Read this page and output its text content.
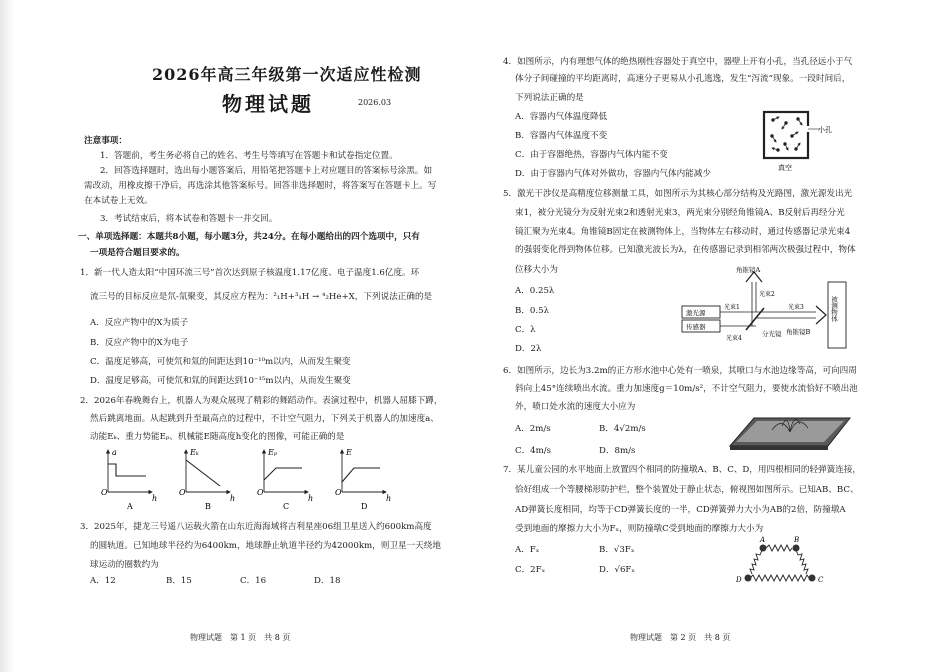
2026年高三年级第一次适应性检测
物理试题	2026.03
注意事项：
1．答题前，考生务必将自己的姓名、考生号等填写在答题卡和试卷指定位置。
2．回答选择题时，选出每小题答案后，用铅笔把答题卡上对应题目的答案标号涂黑。如
需改动，用橡皮擦干净后，再选涂其他答案标号。回答非选择题时，将答案写在答题卡上。写
在本试卷上无效。
3．考试结束后，将本试卷和答题卡一并交回。
一、单项选择题：本题共8小题，每小题3分，共24分。在每小题给出的四个选项中，只有
一项是符合题目要求的。
1．新一代人造太阳“中国环流三号”首次达到原子核温度1.17亿度、电子温度1.6亿度。环
流三号的目标反应是氘-氚聚变，其反应方程为：²₁H+³₁H → ⁴₂He+X，下列说法正确的是
A．反应产物中的X为质子
B．反应产物中的X为电子
C．温度足够高，可使氘和氚的间距达到10⁻¹⁰m以内，从而发生聚变
D．温度足够高，可使氘和氚的间距达到10⁻¹⁵m以内，从而发生聚变
2．2026年春晚舞台上，机器人为观众展现了精彩的舞蹈动作。表演过程中，机器人屈膝下蹲，
然后跳离地面。从起跳到升至最高点的过程中，不计空气阻力，下列关于机器人的加速度a、
动能Eₖ、重力势能Eₚ、机械能E随高度h变化的图像，可能正确的是
O
a
h
A
O
Eₖ
h
B
O
Eₚ
h
C
O
E
h
D
3．2025年，捷龙三号遥八运载火箭在山东近海海域将吉利星座06组卫星送入约600km高度
的圆轨道。已知地球半径约为6400km，地球静止轨道半径约为42000km，则卫星一天绕地
球运动的圈数约为
A．12	B．15	C．16	D．18
物理试题　第 1 页　共 8 页
4．如图所示，内有理想气体的绝热刚性容器处于真空中，器壁上开有小孔，当孔径远小于气
体分子间碰撞的平均距离时，高速分子更易从小孔逃逸，发生“泻流”现象。一段时间后，
下列说法正确的是
A．容器内气体温度降低
B．容器内气体温度不变
C．由于容器绝热，容器内气体内能不变
D．由于容器内气体对外做功，容器内气体内能减少
小孔
真空
5．激光干涉仪是高精度位移测量工具，如图所示为其核心部分结构及光路图，激光源发出光
束1，被分光镜分为反射光束2和透射光束3，两光束分别经角锥镜A、B反射后再经分光
镜汇聚为光束4。角锥镜B固定在被测物体上，当物体左右移动时，通过传感器记录光束4
的强弱变化得到物体位移。已知激光波长为λ，在传感器记录到相邻两次极强过程中，物体
位移大小为
A．0.25λ
B．0.5λ
C．λ
D．2λ
角锥镜A
激光源
传感器
分光镜
光束1
光束2
光束3
光束4
角锥镜B
被测物体
6．如图所示，边长为3.2m的正方形水池中心处有一喷泉，其喷口与水池边缘等高，可向四周
斜向上45°连续喷出水流。重力加速度g＝10m/s²，不计空气阻力，要使水流恰好不喷出池
外，喷口处水流的速度大小应为
A．2m/s	B．4√2m/s
C．4m/s	D．8m/s
7．某儿童公园的水平地面上放置四个相同的防撞墩A、B、C、D，用四根相同的轻弹簧连接，
恰好组成一个等腰梯形防护栏，整个装置处于静止状态，俯视图如图所示。已知AB、BC、
AD弹簧长度相同，均等于CD弹簧长度的一半，CD弹簧弹力大小为AB的2倍，防撞墩A
受到地面的摩擦力大小为Fₓ，则防撞墩C受到地面的摩擦力大小为
A．Fₓ	B．√3Fₓ
C．2Fₓ	D．√6Fₓ
A	B
C
D
物理试题　第 2 页　共 8 页
